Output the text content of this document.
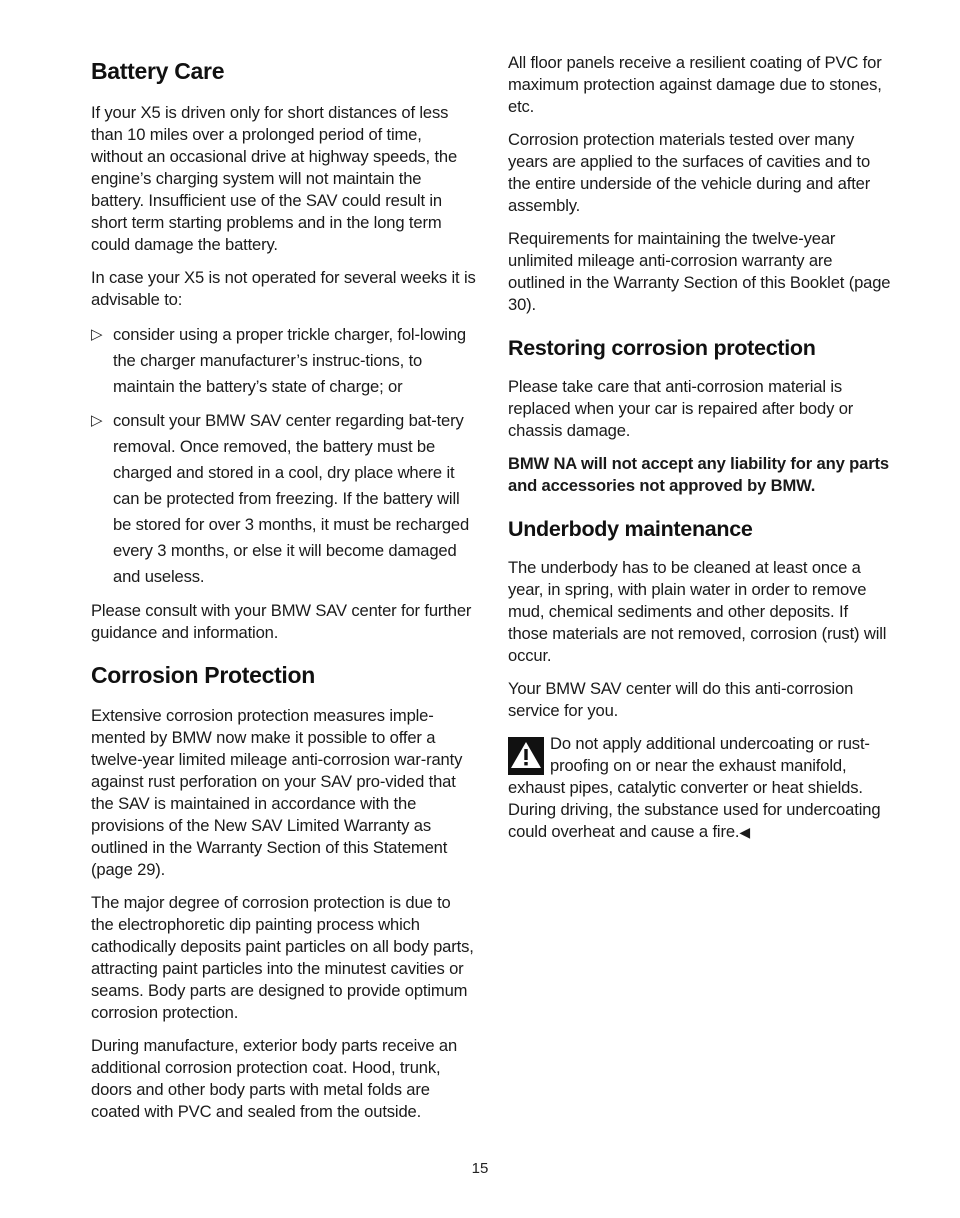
Battery Care

If your X5 is driven only for short distances of less than 10 miles over a prolonged period of time, without an occasional drive at highway speeds, the engine’s charging system will not maintain the battery. Insufficient use of the SAV could result in short term starting problems and in the long term could damage the battery.

In case your X5 is not operated for several weeks it is advisable to:

▷ consider using a proper trickle charger, fol-lowing the charger manufacturer’s instruc-tions, to maintain the battery’s state of charge; or
▷ consult your BMW SAV center regarding bat-tery removal. Once removed, the battery must be charged and stored in a cool, dry place where it can be protected from freezing. If the battery will be stored for over 3 months, it must be recharged every 3 months, or else it will become damaged and useless.

Please consult with your BMW SAV center for further guidance and information.

Corrosion Protection

Extensive corrosion protection measures imple-mented by BMW now make it possible to offer a twelve-year limited mileage anti-corrosion war-ranty against rust perforation on your SAV pro-vided that the SAV is maintained in accordance with the provisions of the New SAV Limited Warranty as outlined in the Warranty Section of this Statement (page 29).

The major degree of corrosion protection is due to the electrophoretic dip painting process which cathodically deposits paint particles on all body parts, attracting paint particles into the minutest cavities or seams. Body parts are designed to provide optimum corrosion protection.

During manufacture, exterior body parts receive an additional corrosion protection coat. Hood, trunk, doors and other body parts with metal folds are coated with PVC and sealed from the outside.

All floor panels receive a resilient coating of PVC for maximum protection against damage due to stones, etc.

Corrosion protection materials tested over many years are applied to the surfaces of cavities and to the entire underside of the vehicle during and after assembly.

Requirements for maintaining the twelve-year unlimited mileage anti-corrosion warranty are outlined in the Warranty Section of this Booklet (page 30).

Restoring corrosion protection

Please take care that anti-corrosion material is replaced when your car is repaired after body or chassis damage.

BMW NA will not accept any liability for any parts and accessories not approved by BMW.

Underbody maintenance

The underbody has to be cleaned at least once a year, in spring, with plain water in order to remove mud, chemical sediments and other deposits. If those materials are not removed, corrosion (rust) will occur.

Your BMW SAV center will do this anti-corrosion service for you.

Do not apply additional undercoating or rust-proofing on or near the exhaust manifold, exhaust pipes, catalytic converter or heat shields. During driving, the substance used for undercoating could overheat and cause a fire.◀
15
